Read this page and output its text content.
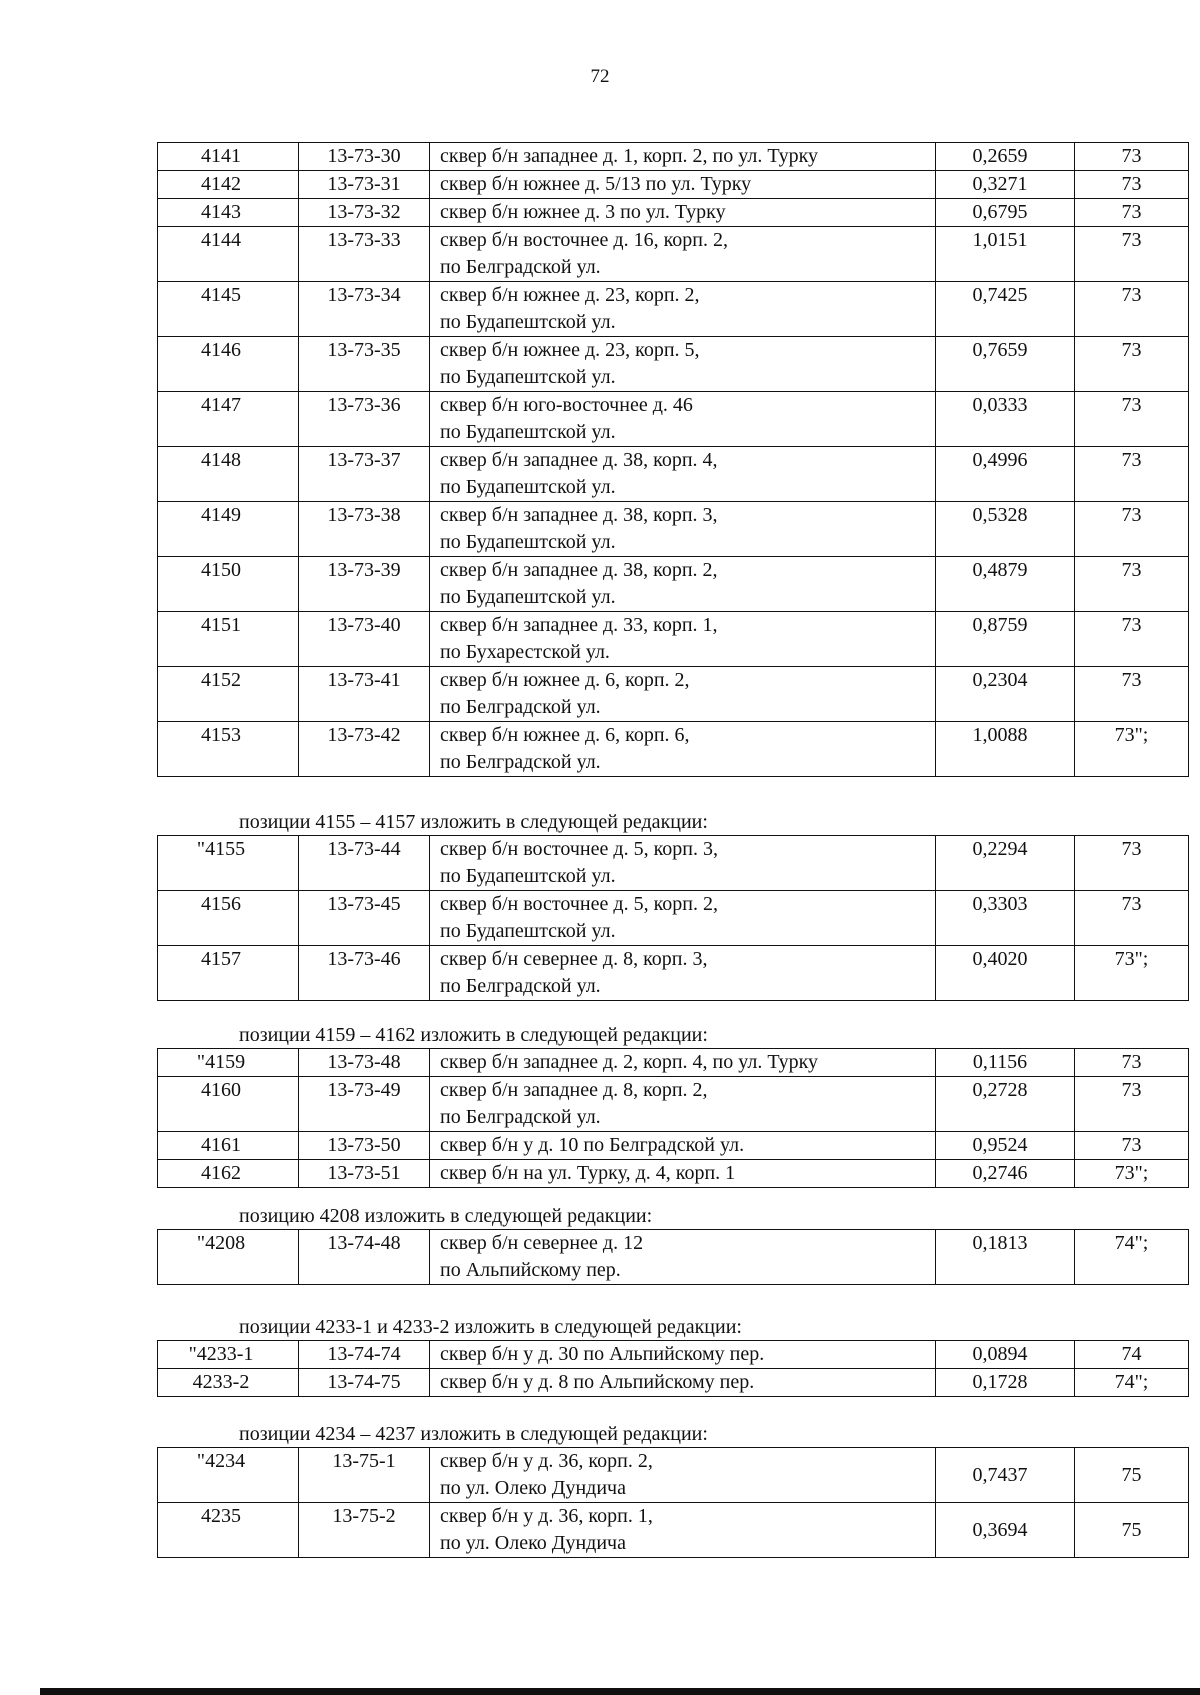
72
4141	13-73-30	сквер б/н западнее д. 1, корп. 2, по ул. Турку	0,2659	73
4142	13-73-31	сквер б/н южнее д. 5/13 по ул. Турку	0,3271	73
4143	13-73-32	сквер б/н южнее д. 3 по ул. Турку	0,6795	73
4144	13-73-33	сквер б/н восточнее д. 16, корп. 2,
по Белградской ул.	1,0151	73
4145	13-73-34	сквер б/н южнее д. 23, корп. 2,
по Будапештской ул.	0,7425	73
4146	13-73-35	сквер б/н южнее д. 23, корп. 5,
по Будапештской ул.	0,7659	73
4147	13-73-36	сквер б/н юго-восточнее д. 46
по Будапештской ул.	0,0333	73
4148	13-73-37	сквер б/н западнее д. 38, корп. 4,
по Будапештской ул.	0,4996	73
4149	13-73-38	сквер б/н западнее д. 38, корп. 3,
по Будапештской ул.	0,5328	73
4150	13-73-39	сквер б/н западнее д. 38, корп. 2,
по Будапештской ул.	0,4879	73
4151	13-73-40	сквер б/н западнее д. 33, корп. 1,
по Бухарестской ул.	0,8759	73
4152	13-73-41	сквер б/н южнее д. 6, корп. 2,
по Белградской ул.	0,2304	73
4153	13-73-42	сквер б/н южнее д. 6, корп. 6,
по Белградской ул.	1,0088	73";
позиции 4155 – 4157 изложить в следующей редакции:
"4155	13-73-44	сквер б/н восточнее д. 5, корп. 3,
по Будапештской ул.	0,2294	73
4156	13-73-45	сквер б/н восточнее д. 5, корп. 2,
по Будапештской ул.	0,3303	73
4157	13-73-46	сквер б/н севернее д. 8, корп. 3,
по Белградской ул.	0,4020	73";
позиции 4159 – 4162 изложить в следующей редакции:
"4159	13-73-48	сквер б/н западнее д. 2, корп. 4, по ул. Турку	0,1156	73
4160	13-73-49	сквер б/н западнее д. 8, корп. 2,
по Белградской ул.	0,2728	73
4161	13-73-50	сквер б/н у д. 10 по Белградской ул.	0,9524	73
4162	13-73-51	сквер б/н на ул. Турку, д. 4, корп. 1	0,2746	73";
позицию 4208 изложить в следующей редакции:
"4208	13-74-48	сквер б/н севернее д. 12
по Альпийскому пер.
	0,1813	74";
позиции 4233-1 и 4233-2 изложить в следующей редакции:
"4233-1	13-74-74	сквер б/н у д. 30 по Альпийскому пер.	0,0894	74
4233-2	13-74-75	сквер б/н у д. 8 по Альпийскому пер.	0,1728	74";
позиции 4234 – 4237 изложить в следующей редакции:
"4234	13-75-1	сквер б/н у д. 36, корп. 2,
по ул. Олеко Дундича	0,7437	75
4235	13-75-2	сквер б/н у д. 36, корп. 1,
по ул. Олеко Дундича	0,3694	75
